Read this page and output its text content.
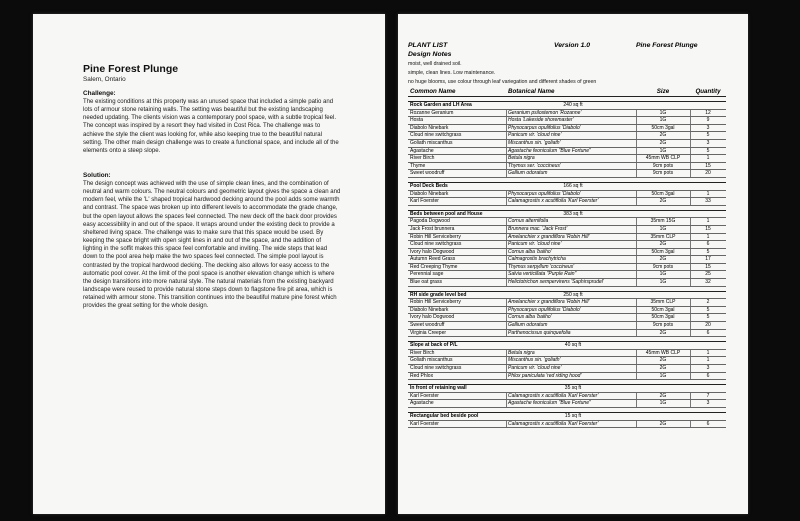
Pine Forest Plunge
Salem, Ontario
Challenge:

The existing conditions at this property was an unused space that included a simple patio and lots of armour stone retaining walls. The setting was beautiful but the existing landscaping needed updating. The clients vision was a contemporary pool space, with a subtle tropical feel. The concept was inspired by a resort they had visited in Cost Rica. The challenge was to achieve the style the client was looking for, while also keeping true to the beautiful natural setting. The other main design challenge was to create a functional space, and include all of the elements onto a steep slope.

Solution:

The design concept was achieved with the use of simple clean lines, and the combination of neutral and warm colours. The neutral colours and geometric layout gives the space a clean and modern feel, while the 'L' shaped tropical hardwood decking around the pool adds some warmth and contrast. The space was broken up into different levels to accommodate the grade change, but the open layout allows the spaces feel connected. The new deck off the back door provides easy accessibility in and out of the space. It wraps around under the existing deck to provide a sheltered living space. The challenge was to make sure that this space would be used. By keeping the space bright with open sight lines in and out of the space, and the addition of lighting in the soffit makes this space feel comfortable and inviting. The wide steps that lead down to the pool area help make the two spaces feel connected. The simple pool layout is contrasted by the tropical hardwood decking. The decking also allows for easy access to the automatic pool cover. At the limit of the pool space is another elevation change which is where the design transitions into more natural style. The natural materials from the existing backyard landscape were reused to provide natural stone steps down to flagstone fire pit area, which is retained with armour stone. This transition continues into the beautiful mature pine forest which provides the great setting for the whole design.

PLANT LIST	Version 1.0	Pine Forest Plunge
Design Notes
moist, well drained soil.
simple, clean lines. Low maintenance.
no huge blooms, use colour through leaf variegation and different shades of green
Common Name	Botanical Name	Size	Quantity
Rock Garden and LH Area	240 sq ft
Rozanne Geranium	Geranium psilostemon 'Rozanne'	1G	12
Hosta	Hosta 'Lakeside shoremaster'	1G	9
Diabolo Ninebark	Physocarpus opulifolius 'Diabolo'	50cm 3gal	3
Cloud nine switchgrass	Panicum vir. 'cloud nine'	2G	5
Goliath miscanthus	Miscanthus sin. 'goliath'	2G	3
Agastache	Agastache feoniculum "Blue Fortune"	1G	5
River Birch	Betula nigra	45mm WB CLP	1
Thyme	Thymus ser. 'coccineus'	9cm pots	15
Sweet woodruff	Gallium odoratum	9cm pots	20
Pool Deck Beds	166 sq ft
Diabolo Ninebark	Physocarpus opulifolius 'Diabolo'	50cm 3gal	1
Karl Foerster	Calamagrostis x acutiflolia 'Karl Foerster'	2G	33
Beds between pool and House	383 sq ft
Pagoda Dogwood	Cornus alternifolia	35mm 15G	1
Jack Frost brunnera	Brunnera mac. 'Jack Frost'	1G	15
Robin Hill Serviceberry	Amelanchier x grandiflora 'Robin Hill'	35mm CLP	1
Cloud nine switchgrass	Panicum vir. 'cloud nine'	2G	6
Ivory halo Dogwood	Cornus alba 'baiiho'	50cm 3gal	5
Autumn Reed Grass	Calmagrostis brachytricha	2G	17
Red Creeping Thyme	Thymus serpyllum 'coccineus'	9cm pots	15
Perennial sage	Salvia verticillata "Purple Rain"	1G	25
Blue oat grass	Helictotrichon sempervirens 'Saphirsprudel'	1G	32
RH side grade level bed	250 sq ft
Robin Hill Serviceberry	Amelanchier x grandiflora 'Robin Hill'	35mm CLP	2
Diabolo Ninebark	Physocarpus opulifolius 'Diabolo'	50cm 3gal	5
Ivory halo Dogwood	Cornus alba 'baiiho'	50cm 3gal	5
Sweet woodruff	Gallium odoratum	9cm pots	20
Virginia Creeper	Parthenocissus quinquefolia	2G	6
Slope at back of P/L	40 sq ft
River Birch	Betula nigra	45mm WB CLP	1
Goliath miscanthus	Miscanthus sin. 'goliath'	2G	1
Cloud nine switchgrass	Panicum vir. 'cloud nine'	2G	3
Red Phlox	Phlox paniculata 'red riding hood'	1G	6
In front of retaining wall	35 sq ft
Karl Foerster	Calamagrostis x acutiflolia 'Karl Foerster'	2G	7
Agastache	Agastache feoniculum "Blue Fortune"	1G	3
Rectangular bed beside pool	15 sq ft
Karl Foerster	Calamagrostis x acutiflolia 'Karl Foerster'	2G	6
